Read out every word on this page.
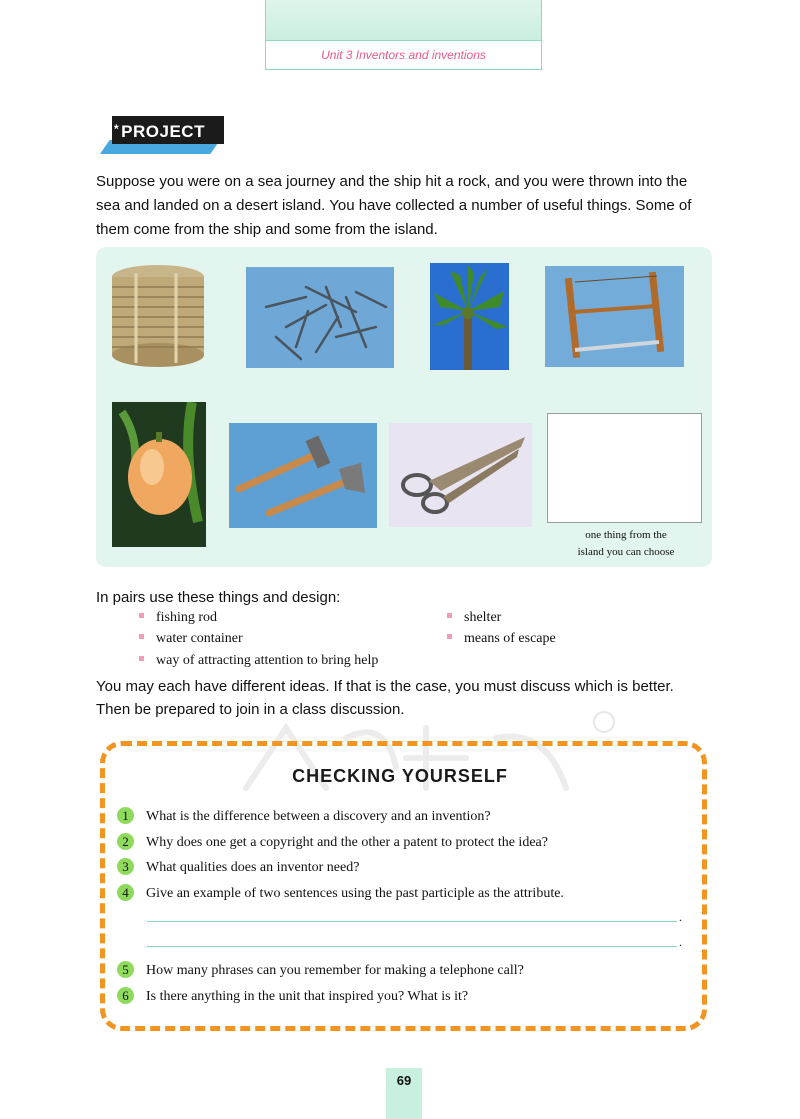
Unit 3 Inventors and inventions
* PROJECT

Suppose you were on a sea journey and the ship hit a rock, and you were thrown into the

sea and landed on a desert island. You have collected a number of useful things. Some of

them come from the ship and some from the island.

one thing from the
island you can choose

In pairs use these things and design:

fishing rod	shelter
water container	means of escape
way of attracting attention to bring help

You may each have different ideas. If that is the case, you must discuss which is better.

Then be prepared to join in a class discussion.

CHECKING YOURSELF
1 What is the difference between a discovery and an invention?
2 Why does one get a copyright and the other a patent to protect the idea?
3 What qualities does an inventor need?
4 Give an example of two sentences using the past participle as the attribute.
.
.
5 How many phrases can you remember for making a telephone call?
6 Is there anything in the unit that inspired you? What is it?
69
